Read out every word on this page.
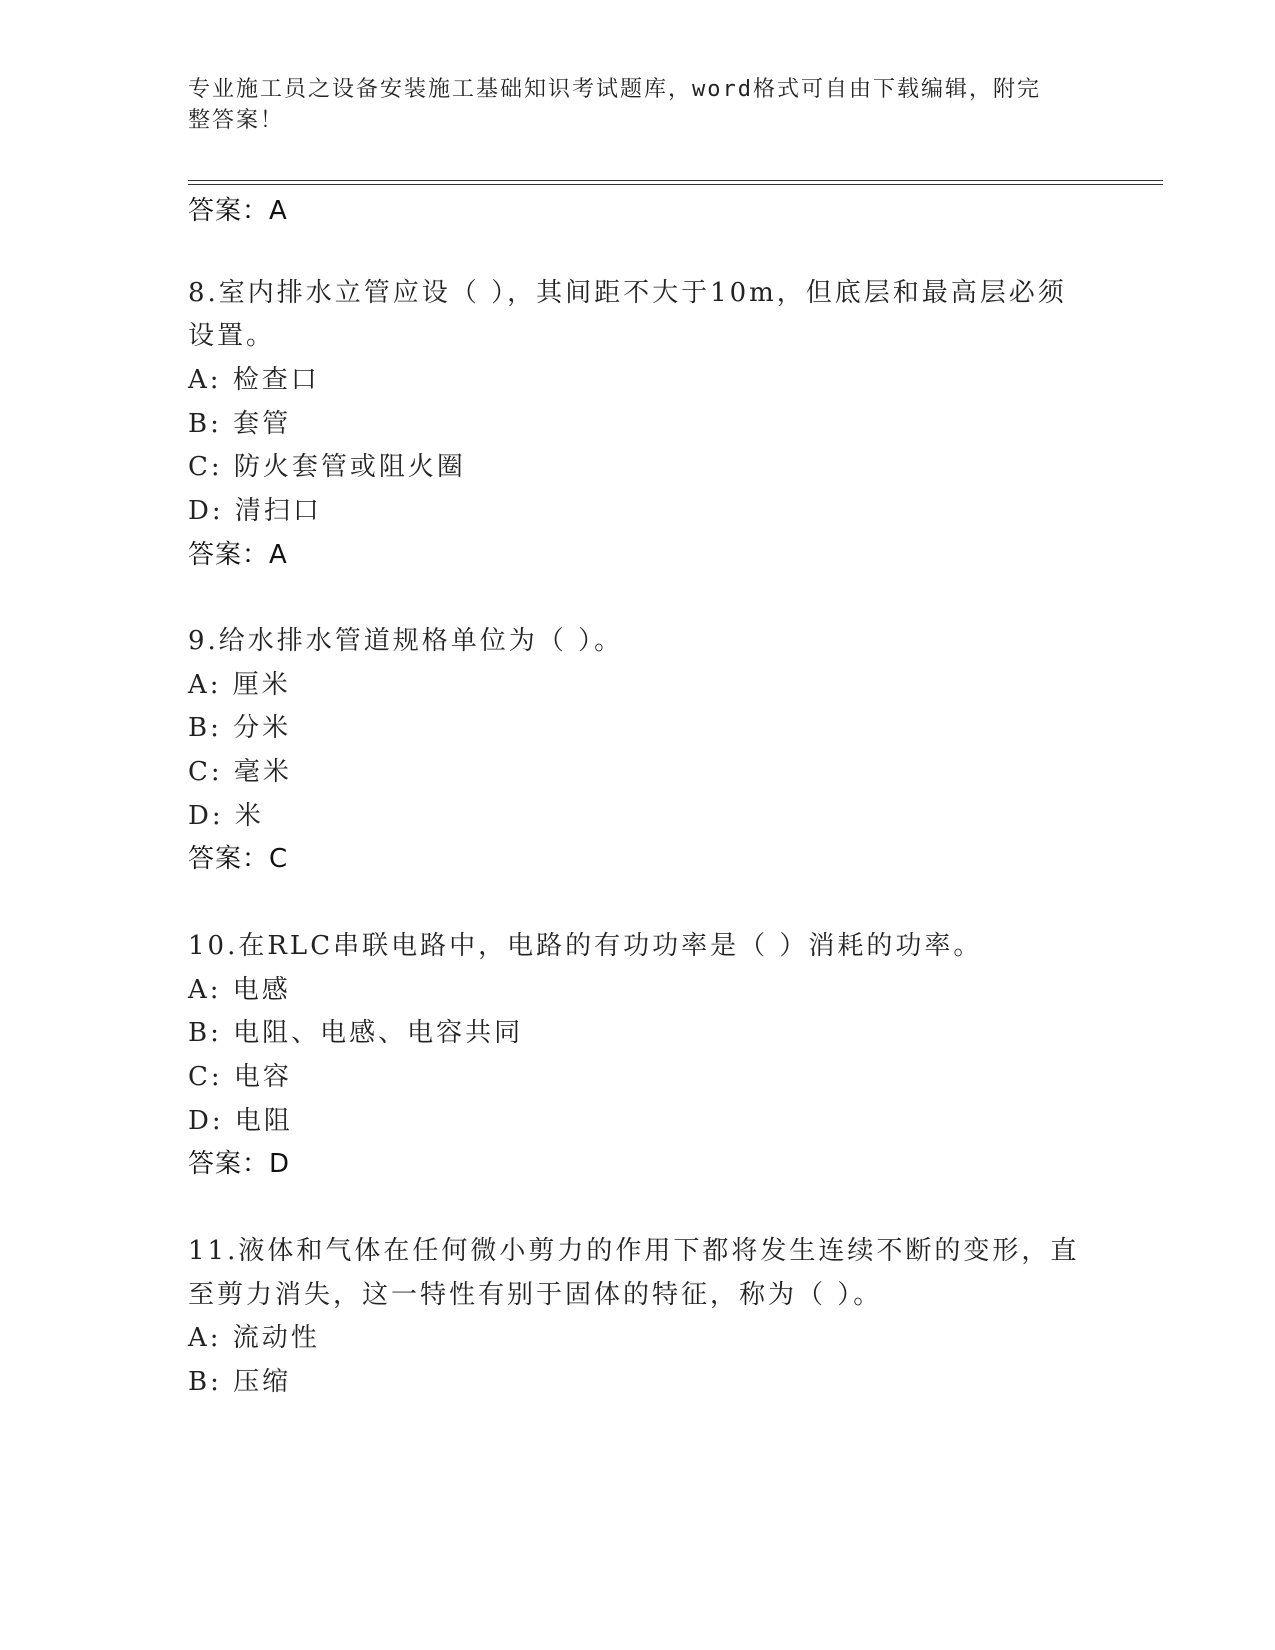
专业施工员之设备安装施工基础知识考试题库，word格式可自由下载编辑，附完
整答案！
答案：A
8.室内排水立管应设（ ），其间距不大于10m，但底层和最高层必须
设置。
A: 检查口
B: 套管
C: 防火套管或阻火圈
D: 清扫口
答案：A
9.给水排水管道规格单位为（ ）。
A: 厘米
B: 分米
C: 毫米
D: 米
答案：C
10.在RLC串联电路中，电路的有功功率是（ ）消耗的功率。
A: 电感
B: 电阻、电感、电容共同
C: 电容
D: 电阻
答案：D
11.液体和气体在任何微小剪力的作用下都将发生连续不断的变形，直
至剪力消失，这一特性有别于固体的特征，称为（ ）。
A: 流动性
B: 压缩
